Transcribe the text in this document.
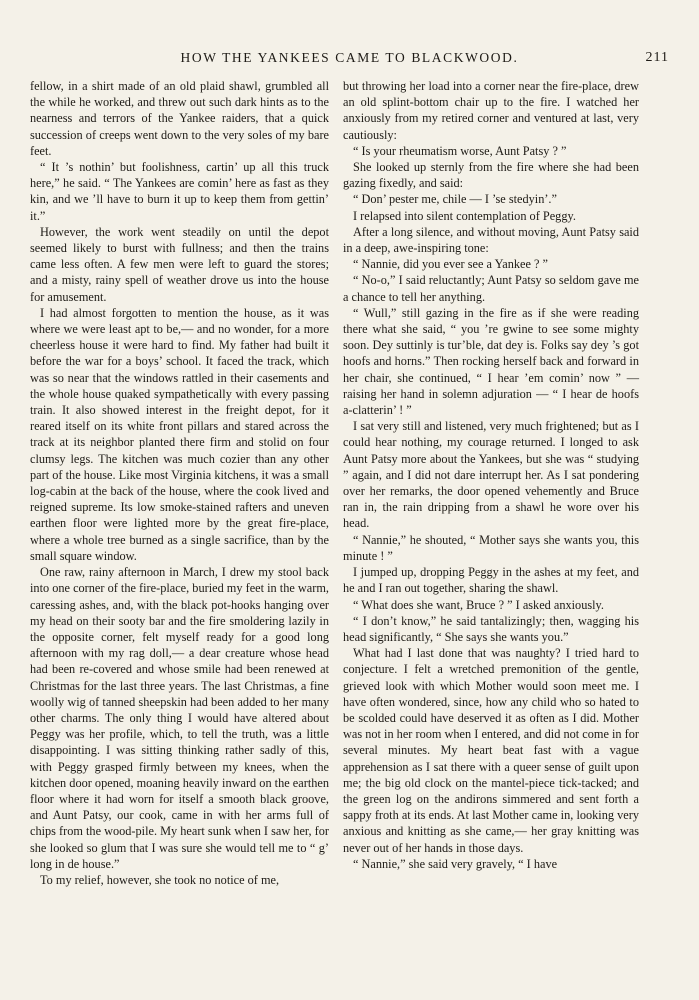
HOW THE YANKEES CAME TO BLACKWOOD.	211

fellow, in a shirt made of an old plaid shawl, grumbled all the while he worked, and threw out such dark hints as to the nearness and terrors of the Yankee raiders, that a quick succession of creeps went down to the very soles of my bare feet.

“ It ’s nothin’ but foolishness, cartin’ up all this truck here,” he said. “ The Yankees are comin’ here as fast as they kin, and we ’ll have to burn it up to keep them from gettin’ it.”

However, the work went steadily on until the depot seemed likely to burst with fullness; and then the trains came less often. A few men were left to guard the stores; and a misty, rainy spell of weather drove us into the house for amusement.

I had almost forgotten to mention the house, as it was where we were least apt to be,— and no wonder, for a more cheerless house it were hard to find. My father had built it before the war for a boys’ school. It faced the track, which was so near that the windows rattled in their casements and the whole house quaked sympathetically with every passing train. It also showed interest in the freight depot, for it reared itself on its white front pillars and stared across the track at its neighbor planted there firm and stolid on four clumsy legs. The kitchen was much cozier than any other part of the house. Like most Virginia kitchens, it was a small log-cabin at the back of the house, where the cook lived and reigned supreme. Its low smoke-stained rafters and uneven earthen floor were lighted more by the great fire-place, where a whole tree burned as a single sacrifice, than by the small square window.

One raw, rainy afternoon in March, I drew my stool back into one corner of the fire-place, buried my feet in the warm, caressing ashes, and, with the black pot-hooks hanging over my head on their sooty bar and the fire smoldering lazily in the opposite corner, felt myself ready for a good long afternoon with my rag doll,— a dear creature whose head had been re-covered and whose smile had been renewed at Christmas for the last three years. The last Christmas, a fine woolly wig of tanned sheepskin had been added to her many other charms. The only thing I would have altered about Peggy was her profile, which, to tell the truth, was a little disappointing. I was sitting thinking rather sadly of this, with Peggy grasped firmly between my knees, when the kitchen door opened, moaning heavily inward on the earthen floor where it had worn for itself a smooth black groove, and Aunt Patsy, our cook, came in with her arms full of chips from the wood-pile. My heart sunk when I saw her, for she looked so glum that I was sure she would tell me to “ g’ long in de house.”

To my relief, however, she took no notice of me,

but throwing her load into a corner near the fire-place, drew an old splint-bottom chair up to the fire. I watched her anxiously from my retired corner and ventured at last, very cautiously:

“ Is your rheumatism worse, Aunt Patsy ? ”

She looked up sternly from the fire where she had been gazing fixedly, and said:

“ Don’ pester me, chile — I ’se stedyin’.”

I relapsed into silent contemplation of Peggy.

After a long silence, and without moving, Aunt Patsy said in a deep, awe-inspiring tone:

“ Nannie, did you ever see a Yankee ? ”

“ No-o,” I said reluctantly; Aunt Patsy so seldom gave me a chance to tell her anything.

“ Wull,” still gazing in the fire as if she were reading there what she said, “ you ’re gwine to see some mighty soon. Dey suttinly is tur’ble, dat dey is. Folks say dey ’s got hoofs and horns.” Then rocking herself back and forward in her chair, she continued, “ I hear ’em comin’ now ” — raising her hand in solemn adjuration — “ I hear de hoofs a-clatterin’ ! ”

I sat very still and listened, very much frightened; but as I could hear nothing, my courage returned. I longed to ask Aunt Patsy more about the Yankees, but she was “ studying ” again, and I did not dare interrupt her. As I sat pondering over her remarks, the door opened vehemently and Bruce ran in, the rain dripping from a shawl he wore over his head.

“ Nannie,” he shouted, “ Mother says she wants you, this minute ! ”

I jumped up, dropping Peggy in the ashes at my feet, and he and I ran out together, sharing the shawl.

“ What does she want, Bruce ? ” I asked anxiously.

“ I don’t know,” he said tantalizingly; then, wagging his head significantly, “ She says she wants you.”

What had I last done that was naughty? I tried hard to conjecture. I felt a wretched premonition of the gentle, grieved look with which Mother would soon meet me. I have often wondered, since, how any child who so hated to be scolded could have deserved it as often as I did. Mother was not in her room when I entered, and did not come in for several minutes. My heart beat fast with a vague apprehension as I sat there with a queer sense of guilt upon me; the big old clock on the mantel-piece tick-tacked; and the green log on the andirons simmered and sent forth a sappy froth at its ends. At last Mother came in, looking very anxious and knitting as she came,— her gray knitting was never out of her hands in those days.

“ Nannie,” she said very gravely, “ I have
